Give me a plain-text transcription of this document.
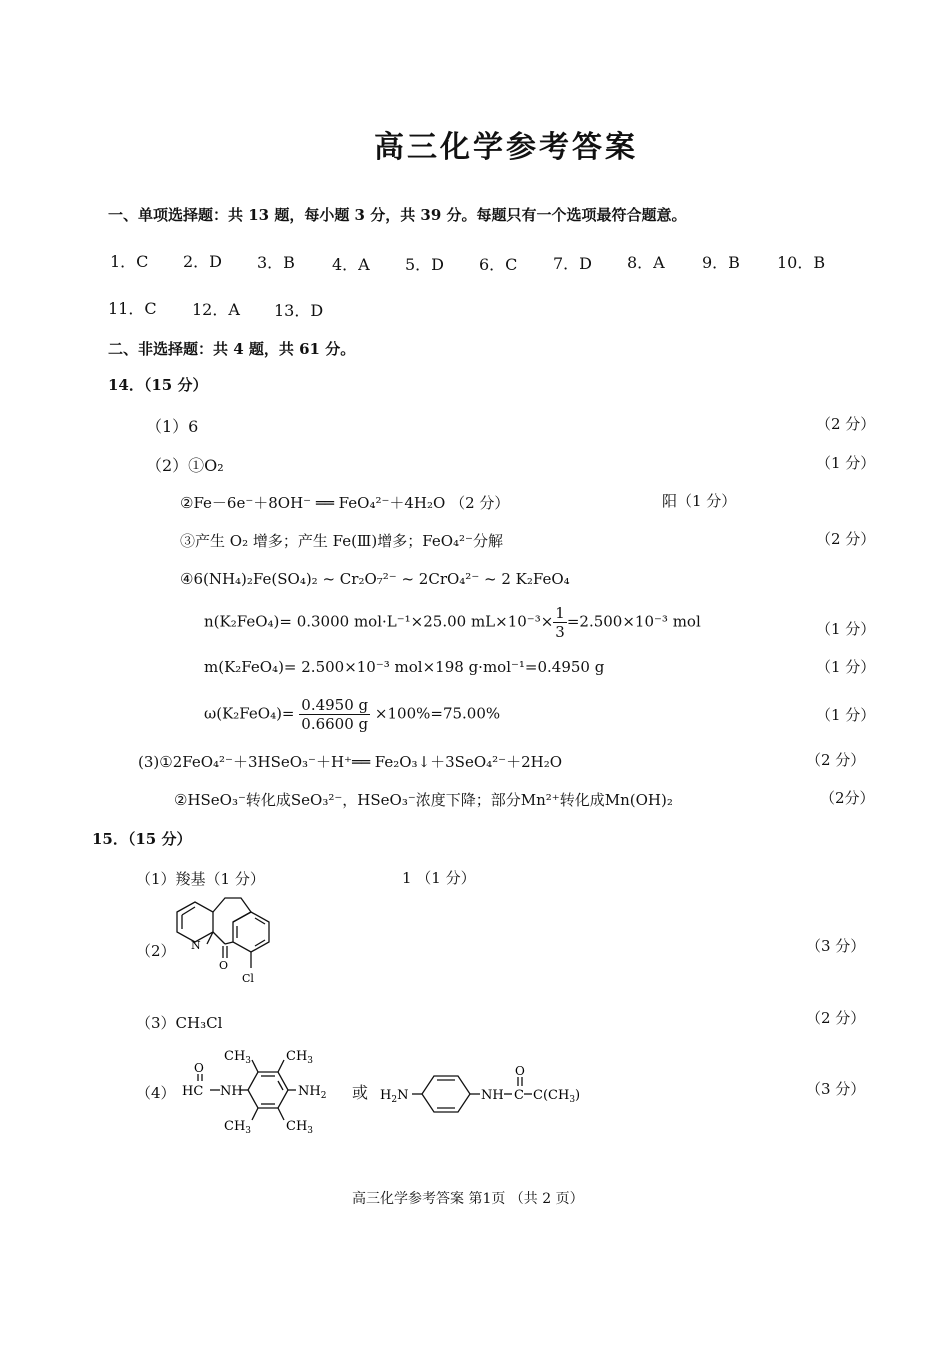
高三化学参考答案
一、单项选择题：共 13 题，每小题 3 分，共 39 分。每题只有一个选项最符合题意。
1．C 2．D 3．B 4．A 5．D 6．C 7．D 8．A 9．B 10．B
11．C 12．A 13．D
二、非选择题：共 4 题，共 61 分。
14．（15 分）
（1）6	（2 分）
（2）①O₂	（1 分）
②Fe－6e⁻＋8OH⁻ ══ FeO₄²⁻＋4H₂O （2 分）	阳（1 分）
③产生 O₂ 增多；产生 Fe(Ⅲ)增多；FeO₄²⁻分解	（2 分）
④6(NH₄)₂Fe(SO₄)₂ ~ Cr₂O₇²⁻ ~ 2CrO₄²⁻ ~ 2 K₂FeO₄
n(K₂FeO₄)= 0.3000 mol·L⁻¹×25.00 $mL\times 10^{-3}\times \frac{1}{3} =2.500\times 10^{-3}$ mol	（1 分）
m(K₂FeO₄)= 2.500×10⁻³ mol×198 g·mol⁻¹=0.4950 g	（1 分）
$\omega(K_2FeO_4)= \frac{0.4950 g}{0.6600 g} \times 100\%=75.00\%$	（1 分）
(3)①2FeO₄²⁻＋3HSeO₃⁻＋H⁺══ Fe₂O₃↓＋3SeO₄²⁻＋2H₂O	（2 分）
②HSeO₃⁻转化成SeO₃²⁻，HSeO₃⁻浓度下降；部分Mn²⁺转化成Mn(OH)₂	（2分）
15．（15 分）
（1）羧基（1 分）	1 （1 分）
（2）	（3 分）
N
O
Cl
（3）CH₃Cl	（2 分）
（4）	（3 分）
O
HC NH	$NH_2$
$CH_3$	$CH_3$
$CH_3$	$CH_3$
或 $H_2N$	NH
O
C $C(CH_3)$
高三化学参考答案 第1页 （共 2 页）
